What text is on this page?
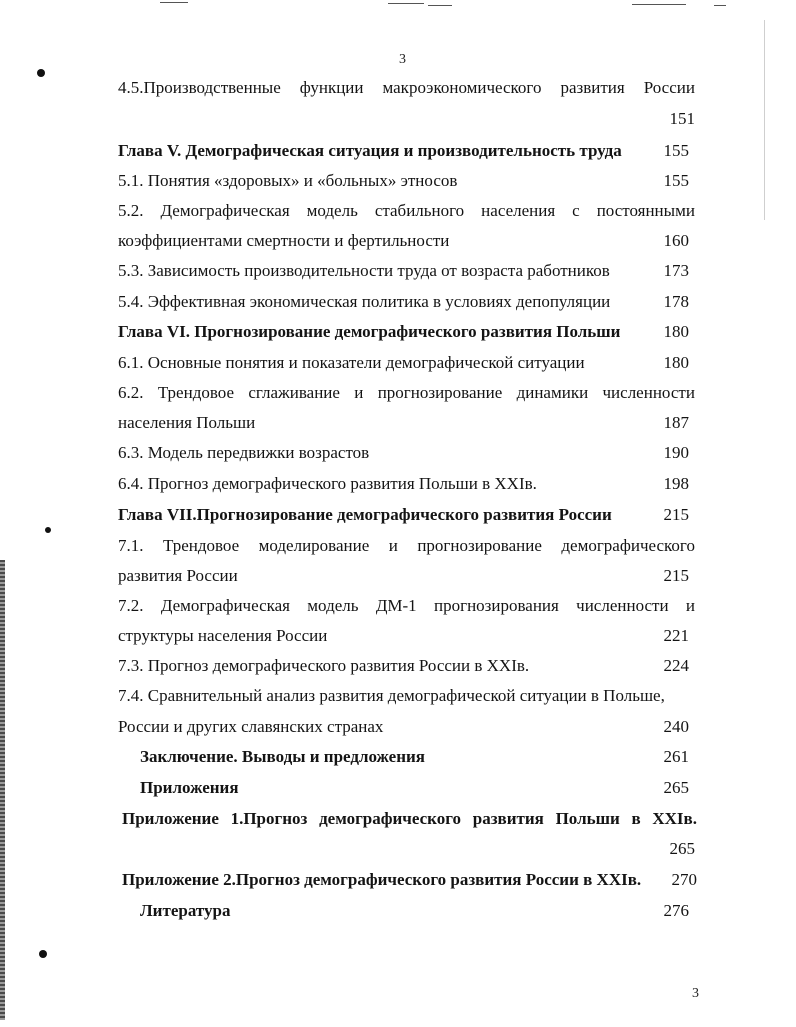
3
3
4.5.Производственные функции макроэкономического развития России
151
Глава V. Демографическая ситуация и производительность труда 155
5.1. Понятия «здоровых» и «больных» этносов	155
5.2. Демографическая модель стабильного населения с постоянными
коэффициентами смертности и фертильности	160
5.3. Зависимость производительности труда от возраста работников	173
5.4. Эффективная экономическая политика в условиях депопуляции	178
Глава VI. Прогнозирование демографического развития Польши	180
6.1. Основные понятия и показатели демографической ситуации	180
6.2. Трендовое сглаживание и прогнозирование динамики численности
населения Польши	187
6.3. Модель передвижки возрастов	190
6.4. Прогноз демографического развития Польши в XXIв.	198
Глава VII.Прогнозирование демографического развития России	215
7.1. Трендовое моделирование и прогнозирование демографического
развития России	215
7.2. Демографическая модель ДМ-1 прогнозирования численности и
структуры населения России	221
7.3. Прогноз демографического развития России в XXIв.	224
7.4. Сравнительный анализ развития демографической ситуации в Польше,
России и других славянских странах	240
Заключение. Выводы и предложения	261
Приложения	265
Приложение 1.Прогноз демографического развития Польши в XXIв.
265
Приложение 2.Прогноз демографического развития России в XXIв. 270
Литература	276
